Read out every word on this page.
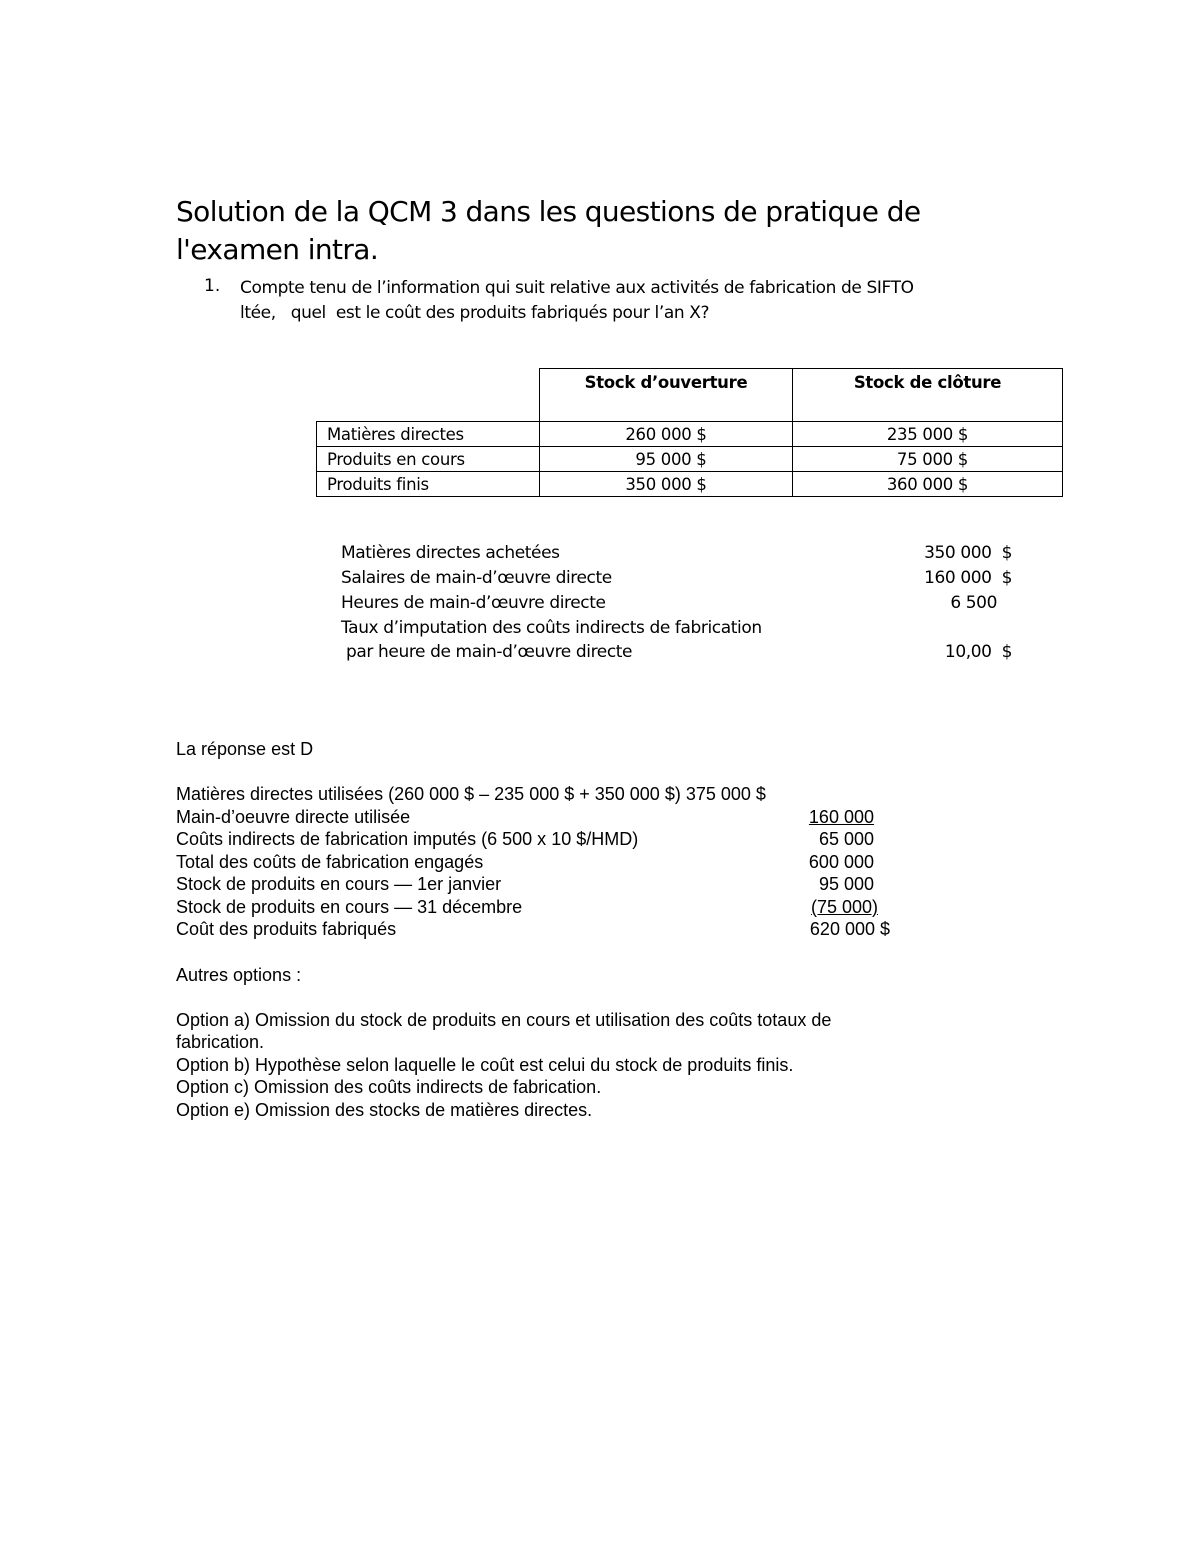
Solution de la QCM 3 dans les questions de pratique de l'examen intra.
1. Compte tenu de l’information qui suit relative aux activités de fabrication de SIFTO
ltée,   quel  est le coût des produits fabriqués pour l’an X?
	Stock d’ouverture	Stock de clôture
Matières directes	260 000 $	235 000 $
Produits en cours	95 000 $	75 000 $
Produits finis	350 000 $	360 000 $
Matières directes achetées	350 000  $
Salaires de main-d’œuvre directe	160 000  $
Heures de main-d’œuvre directe	6 500
Taux d’imputation des coûts indirects de fabrication
par heure de main-d’œuvre directe	10,00  $
La réponse est D
Matières directes utilisées (260 000 $ – 235 000 $ + 350 000 $) 375 000 $
Main-d’oeuvre directe utilisée	160 000
Coûts indirects de fabrication imputés (6 500 x 10 $/HMD)	65 000
Total des coûts de fabrication engagés	600 000
Stock de produits en cours — 1er janvier	95 000
Stock de produits en cours — 31 décembre	(75 000)
Coût des produits fabriqués	620 000 $
Autres options :
Option a) Omission du stock de produits en cours et utilisation des coûts totaux de
fabrication.
Option b) Hypothèse selon laquelle le coût est celui du stock de produits finis.
Option c) Omission des coûts indirects de fabrication.
Option e) Omission des stocks de matières directes.
